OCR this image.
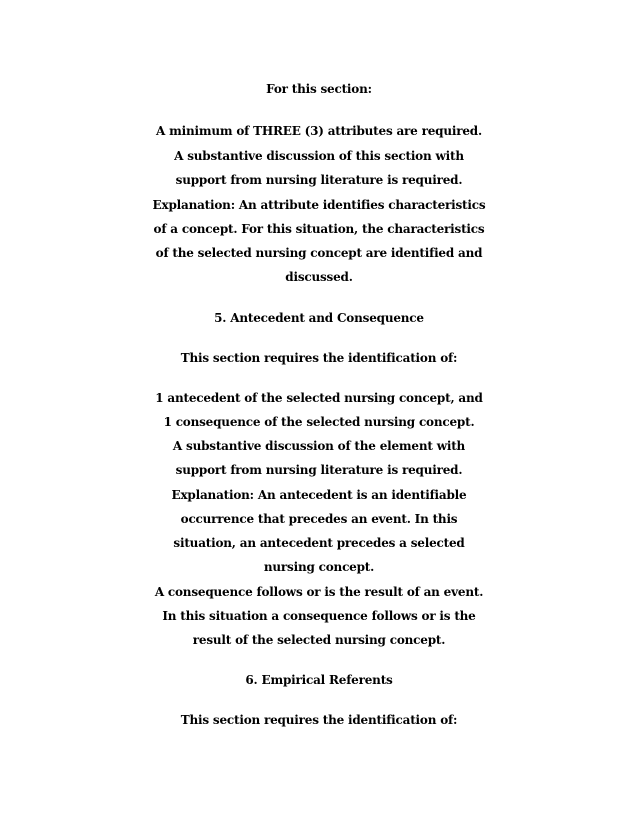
For this section:
A minimum of THREE (3) attributes are required.
A substantive discussion of this section with
support from nursing literature is required.
Explanation: An attribute identifies characteristics
of a concept. For this situation, the characteristics
of the selected nursing concept are identified and
discussed.
5. Antecedent and Consequence
This section requires the identification of:
1 antecedent of the selected nursing concept, and
1 consequence of the selected nursing concept.
A substantive discussion of the element with
support from nursing literature is required.
Explanation: An antecedent is an identifiable
occurrence that precedes an event. In this
situation, an antecedent precedes a selected
nursing concept.
A consequence follows or is the result of an event.
In this situation a consequence follows or is the
result of the selected nursing concept.
6. Empirical Referents
This section requires the identification of:
